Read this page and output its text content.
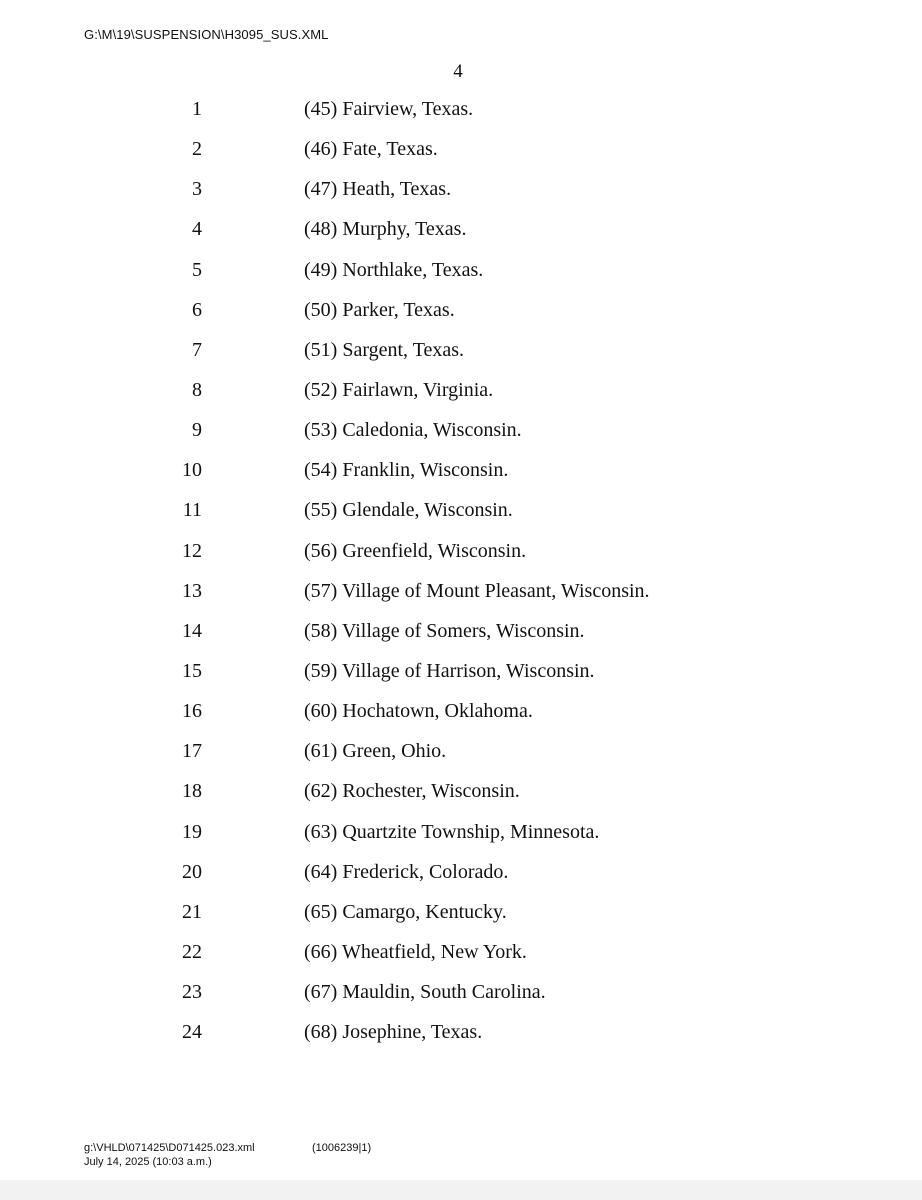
G:\M\19\SUSPENSION\H3095_SUS.XML
4
1	(45) Fairview, Texas.
2	(46) Fate, Texas.
3	(47) Heath, Texas.
4	(48) Murphy, Texas.
5	(49) Northlake, Texas.
6	(50) Parker, Texas.
7	(51) Sargent, Texas.
8	(52) Fairlawn, Virginia.
9	(53) Caledonia, Wisconsin.
10	(54) Franklin, Wisconsin.
11	(55) Glendale, Wisconsin.
12	(56) Greenfield, Wisconsin.
13	(57) Village of Mount Pleasant, Wisconsin.
14	(58) Village of Somers, Wisconsin.
15	(59) Village of Harrison, Wisconsin.
16	(60) Hochatown, Oklahoma.
17	(61) Green, Ohio.
18	(62) Rochester, Wisconsin.
19	(63) Quartzite Township, Minnesota.
20	(64) Frederick, Colorado.
21	(65) Camargo, Kentucky.
22	(66) Wheatfield, New York.
23	(67) Mauldin, South Carolina.
24	(68) Josephine, Texas.
g:\VHLD\071425\D071425.023.xml
July 14, 2025 (10:03 a.m.)
(1006239|1)
